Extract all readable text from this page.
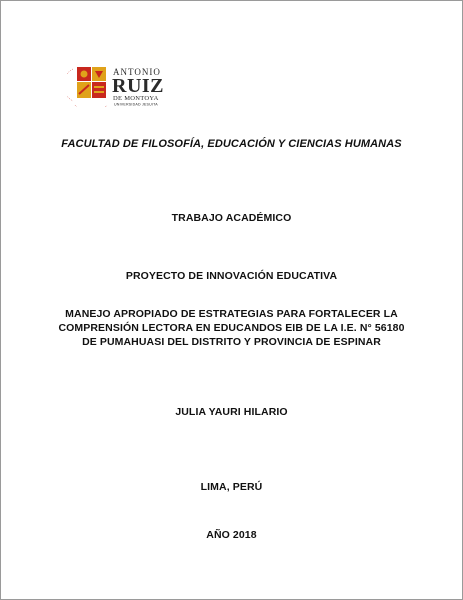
ANTONIO
RUIZ
DE MONTOYA
UNIVERSIDAD JESUITA
FACULTAD DE FILOSOFÍA, EDUCACIÓN Y CIENCIAS HUMANAS
TRABAJO ACADÉMICO
PROYECTO DE INNOVACIÓN EDUCATIVA
MANEJO APROPIADO DE ESTRATEGIAS PARA FORTALECER LA
COMPRENSIÓN LECTORA EN EDUCANDOS EIB DE LA I.E. N° 56180
DE PUMAHUASI DEL DISTRITO Y PROVINCIA DE ESPINAR
JULIA YAURI HILARIO
LIMA, PERÚ
AÑO 2018
